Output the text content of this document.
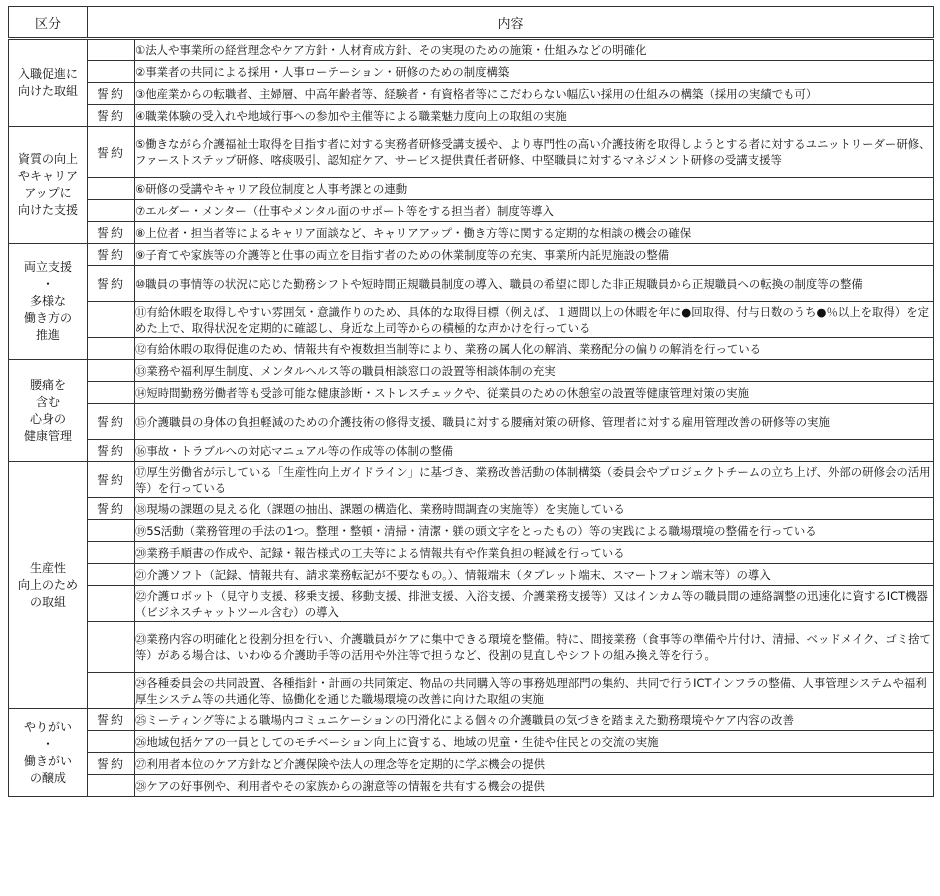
区分	内容	
入職促進に
向けた取組		①法人や事業所の経営理念やケア方針・人材育成方針、その実現のための施策・仕組みなどの明確化
		②事業者の共同による採用・人事ローテーション・研修のための制度構築
	誓約	③他産業からの転職者、主婦層、中高年齢者等、経験者・有資格者等にこだわらない幅広い採用の仕組みの構築（採用の実績でも可）
	誓約	④職業体験の受入れや地域行事への参加や主催等による職業魅力度向上の取組の実施
資質の向上
やキャリア
アップに
向けた支援	誓約	⑤働きながら介護福祉士取得を目指す者に対する実務者研修受講支援や、より専門性の高い介護技術を取得しようとする者に対するユニットリーダー研修、ファーストステップ研修、喀痰吸引、認知症ケア、サービス提供責任者研修、中堅職員に対するマネジメント研修の受講支援等
		⑥研修の受講やキャリア段位制度と人事考課との連動
		⑦エルダー・メンター（仕事やメンタル面のサポート等をする担当者）制度等導入
	誓約	⑧上位者・担当者等によるキャリア面談など、キャリアアップ・働き方等に関する定期的な相談の機会の確保
両立支援
・
多様な
働き方の
推進	誓約	⑨子育てや家族等の介護等と仕事の両立を目指す者のための休業制度等の充実、事業所内託児施設の整備
	誓約	⑩職員の事情等の状況に応じた勤務シフトや短時間正規職員制度の導入、職員の希望に即した非正規職員から正規職員への転換の制度等の整備
		⑪有給休暇を取得しやすい雰囲気・意識作りのため、具体的な取得目標（例えば、１週間以上の休暇を年に●回取得、付与日数のうち●％以上を取得）を定めた上で、取得状況を定期的に確認し、身近な上司等からの積極的な声かけを行っている
		⑫有給休暇の取得促進のため、情報共有や複数担当制等により、業務の属人化の解消、業務配分の偏りの解消を行っている
腰痛を
含む
心身の
健康管理		⑬業務や福利厚生制度、メンタルヘルス等の職員相談窓口の設置等相談体制の充実
		⑭短時間勤務労働者等も受診可能な健康診断・ストレスチェックや、従業員のための休憩室の設置等健康管理対策の実施
	誓約	⑮介護職員の身体の負担軽減のための介護技術の修得支援、職員に対する腰痛対策の研修、管理者に対する雇用管理改善の研修等の実施
	誓約	⑯事故・トラブルへの対応マニュアル等の作成等の体制の整備
生産性
向上のため
の取組	誓約	⑰厚生労働省が示している「生産性向上ガイドライン」に基づき、業務改善活動の体制構築（委員会やプロジェクトチームの立ち上げ、外部の研修会の活用等）を行っている
	誓約	⑱現場の課題の見える化（課題の抽出、課題の構造化、業務時間調査の実施等）を実施している
		⑲5S活動（業務管理の手法の1つ。整理・整頓・清掃・清潔・躾の頭文字をとったもの）等の実践による職場環境の整備を行っている
		⑳業務手順書の作成や、記録・報告様式の工夫等による情報共有や作業負担の軽減を行っている
		㉑介護ソフト（記録、情報共有、請求業務転記が不要なもの。）、情報端末（タブレット端末、スマートフォン端末等）の導入
		㉒介護ロボット（見守り支援、移乗支援、移動支援、排泄支援、入浴支援、介護業務支援等）又はインカム等の職員間の連絡調整の迅速化に資するICT機器（ビジネスチャットツール含む）の導入
		㉓業務内容の明確化と役割分担を行い、介護職員がケアに集中できる環境を整備。特に、間接業務（食事等の準備や片付け、清掃、ベッドメイク、ゴミ捨て等）がある場合は、いわゆる介護助手等の活用や外注等で担うなど、役割の見直しやシフトの組み換え等を行う。
		㉔各種委員会の共同設置、各種指針・計画の共同策定、物品の共同購入等の事務処理部門の集約、共同で行うICTインフラの整備、人事管理システムや福利厚生システム等の共通化等、協働化を通じた職場環境の改善に向けた取組の実施
やりがい
・
働きがい
の醸成	誓約	㉕ミーティング等による職場内コミュニケーションの円滑化による個々の介護職員の気づきを踏まえた勤務環境やケア内容の改善
		㉖地域包括ケアの一員としてのモチベーション向上に資する、地域の児童・生徒や住民との交流の実施
	誓約	㉗利用者本位のケア方針など介護保険や法人の理念等を定期的に学ぶ機会の提供
		㉘ケアの好事例や、利用者やその家族からの謝意等の情報を共有する機会の提供
